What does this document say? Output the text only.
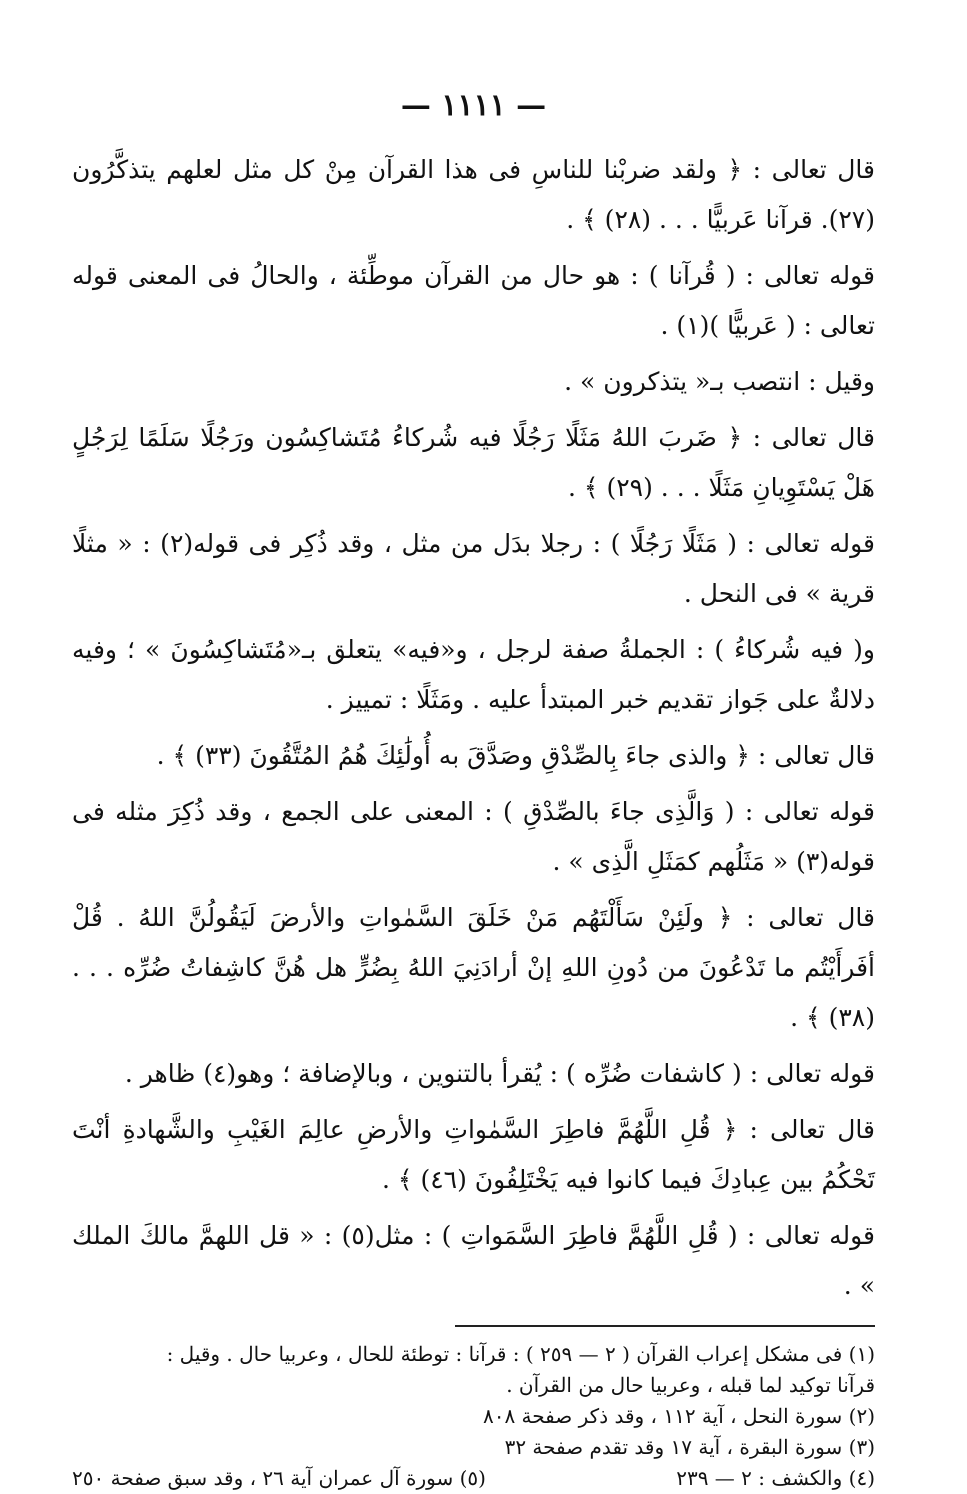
— ١١١١ —

قال تعالى : ﴿ ولقد ضربْنا للناسِ فى هذا القرآن مِنْ كل مثل لعلهم يتذكَّرُون (٢٧). قرآنا عَربيًّا . . . (٢٨) ﴾ .

قوله تعالى : ( قُرآنا ) : هو حال من القرآن موطِّئة ، والحالُ فى المعنى قوله تعالى : ( عَربيًّا )(١) .

وقيل : انتصب بـ« يتذكرون » .

قال تعالى : ﴿ ضَربَ اللهُ مَثَلًا رَجُلًا فيه شُركاءُ مُتَشاكِسُون ورَجُلًا سَلَمًا لِرَجُلٍ هَلْ يَسْتَوِيانِ مَثَلًا . . . (٢٩) ﴾ .

قوله تعالى : ( مَثَلًا رَجُلًا ) : رجلا بدَل من مثل ، وقد ذُكِر فى قوله(٢) : « مثلًا قرية » فى النحل .

و( فيه شُركاءُ ) : الجملةُ صفة لرجل ، و«فيه» يتعلق بـ«مُتَشاكِسُونَ » ؛ وفيه دلالةٌ على جَواز تقديم خبر المبتدأ عليه . ومَثَلًا : تمييز .

قال تعالى : ﴿ والذى جاءَ بِالصِّدْقِ وصَدَّقَ به أُولَٰئِكَ هُمُ المُتَّقُونَ (٣٣) ﴾ .

قوله تعالى : ( وَالَّذِى جاءَ بالصِّدْقِ ) : المعنى على الجمع ، وقد ذُكِرَ مثله فى قوله(٣) « مَثَلُهم كمَثَلِ الَّذِى » .

قال تعالى : ﴿ ولَئِنْ سَأَلْتَهُم مَنْ خَلَقَ السَّمٰواتِ والأرضَ لَيَقُولُنَّ اللهُ . قُلْ أفَرأَيْتُم ما تَدْعُونَ من دُونِ اللهِ إنْ أرادَنِيَ اللهُ بِضُرٍّ هل هُنَّ كاشِفاتُ ضُرِّه . . . (٣٨) ﴾ .

قوله تعالى : ( كاشفات ضُرِّه ) : يُقرأ بالتنوين ، وبالإضافة ؛ وهو(٤) ظاهر .

قال تعالى : ﴿ قُلِ اللَّهُمَّ فاطِرَ السَّمٰواتِ والأرضِ عالِمَ الغَيْبِ والشَّهادةِ أنْتَ تَحْكُمُ بين عِبادِكَ فيما كانوا فيه يَخْتَلِفُونَ (٤٦) ﴾ .

قوله تعالى : ( قُلِ اللَّهُمَّ فاطِرَ السَّمَواتِ ) : مثل(٥) : « قل اللهمَّ مالكَ الملك » .

(١) فى مشكل إعراب القرآن ( ٢ — ٢٥٩ ) : قرآنا : توطئة للحال ، وعربيا حال . وقيل :

قرآنا توكيد لما قبله ، وعربيا حال من القرآن .

(٢) سورة النحل ، آية ١١٢ ، وقد ذكر صفحة ٨٠٨

(٣) سورة البقرة ، آية ١٧ وقد تقدم صفحة ٣٢

(٤) والكشف : ٢ — ٢٣٩
(٥) سورة آل عمران آية ٢٦ ، وقد سبق صفحة ٢٥٠
